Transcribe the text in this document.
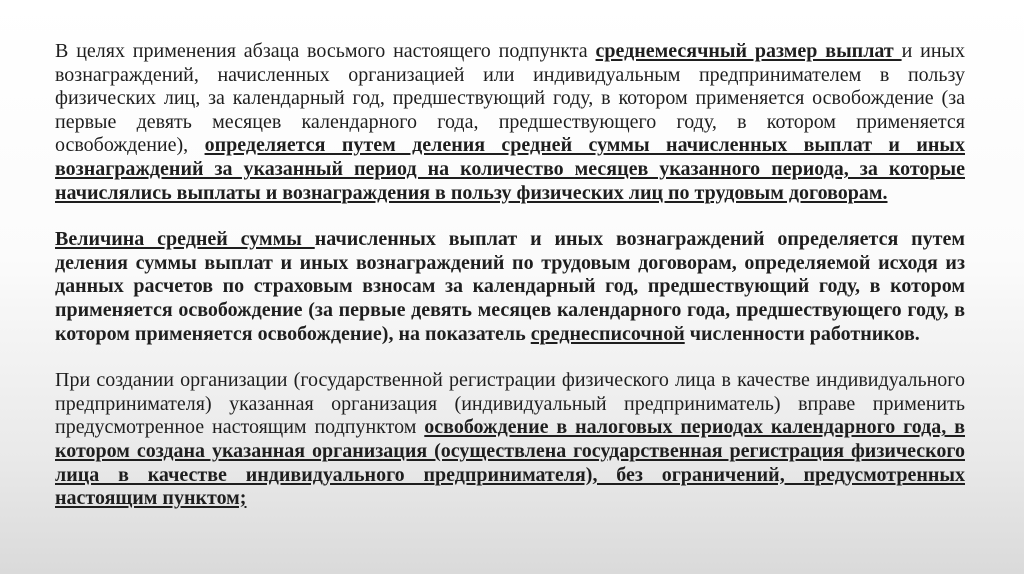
В целях применения абзаца восьмого настоящего подпункта среднемесячный размер выплат и иных вознаграждений, начисленных организацией или индивидуальным предпринимателем в пользу физических лиц, за календарный год, предшествующий году, в котором применяется освобождение (за первые девять месяцев календарного года, предшествующего году, в котором применяется освобождение), определяется путем деления средней суммы начисленных выплат и иных вознаграждений за указанный период на количество месяцев указанного периода, за которые начислялись выплаты и вознаграждения в пользу физических лиц по трудовым договорам.

Величина средней суммы начисленных выплат и иных вознаграждений определяется путем деления суммы выплат и иных вознаграждений по трудовым договорам, определяемой исходя из данных расчетов по страховым взносам за календарный год, предшествующий году, в котором применяется освобождение (за первые девять месяцев календарного года, предшествующего году, в котором применяется освобождение), на показатель среднесписочной численности работников.

При создании организации (государственной регистрации физического лица в качестве индивидуального предпринимателя) указанная организация (индивидуальный предприниматель) вправе применить предусмотренное настоящим подпунктом освобождение в налоговых периодах календарного года, в котором создана указанная организация (осуществлена государственная регистрация физического лица в качестве индивидуального предпринимателя), без ограничений, предусмотренных настоящим пунктом;
